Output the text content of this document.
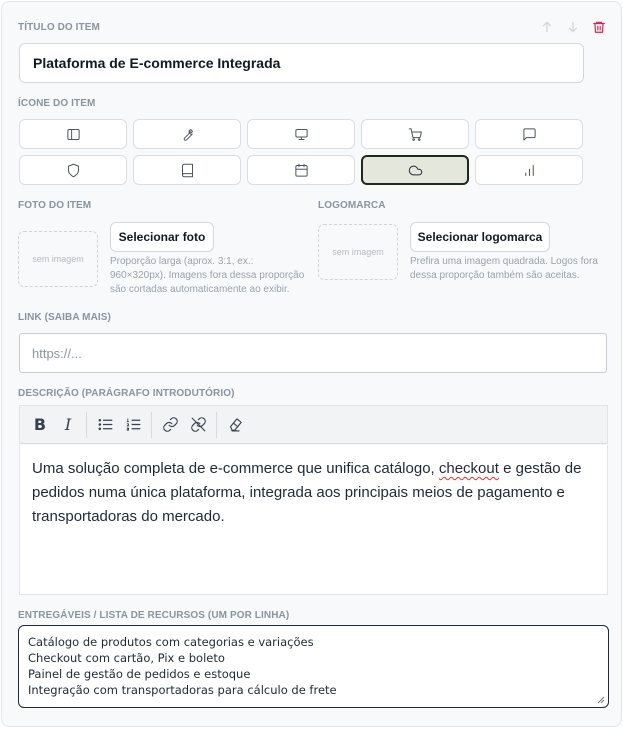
TÍTULO DO ITEM
Plataforma de E-commerce Integrada
ÍCONE DO ITEM
FOTO DO ITEM
sem imagem
Selecionar foto
Proporção larga (aprox. 3:1, ex.: 960×320px). Imagens fora dessa proporção são cortadas automaticamente ao exibir.
LOGOMARCA
sem imagem
Selecionar logomarca
Prefira uma imagem quadrada. Logos fora dessa proporção também são aceitas.
LINK (SAIBA MAIS)
https://...
DESCRIÇÃO (PARÁGRAFO INTRODUTÓRIO)
B I
Uma solução completa de e-commerce que unifica catálogo, checkout e gestão de pedidos numa única plataforma, integrada aos principais meios de pagamento e transportadoras do mercado.
ENTREGÁVEIS / LISTA DE RECURSOS (UM POR LINHA)
Catálogo de produtos com categorias e variações
Checkout com cartão, Pix e boleto
Painel de gestão de pedidos e estoque
Integração com transportadoras para cálculo de frete
